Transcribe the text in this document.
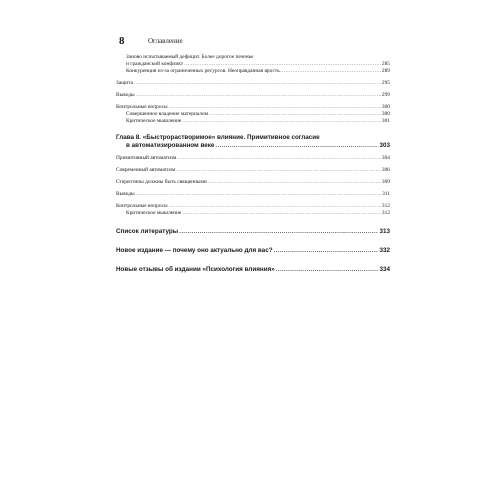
8	Оглавление
Заново испытываемый дефицит. Более дорогое печенье
и гражданский конфликт .....	285
Конкуренция из-за ограниченных ресурсов. Неоправданная ярость. .....	289
Защита .....	295
Выводы .....	299
Контрольные вопросы .....	300
Совершенное владение материалом .....	300
Критическое мышление .....	301
Глава 8. «Быстрорастворимое» влияние. Примитивное согласие
в автоматизированном веке .....	303
Примитивный автоматизм .....	304
Современный автоматизм .....	306
Стереотипы должны быть священными .....	309
Выводы .....	311
Контрольные вопросы .....	312
Критическое мышление .....	312
Список литературы .....	313
Новое издание — почему оно актуально для вас? .....	332
Новые отзывы об издании «Психология влияния» .....	334
